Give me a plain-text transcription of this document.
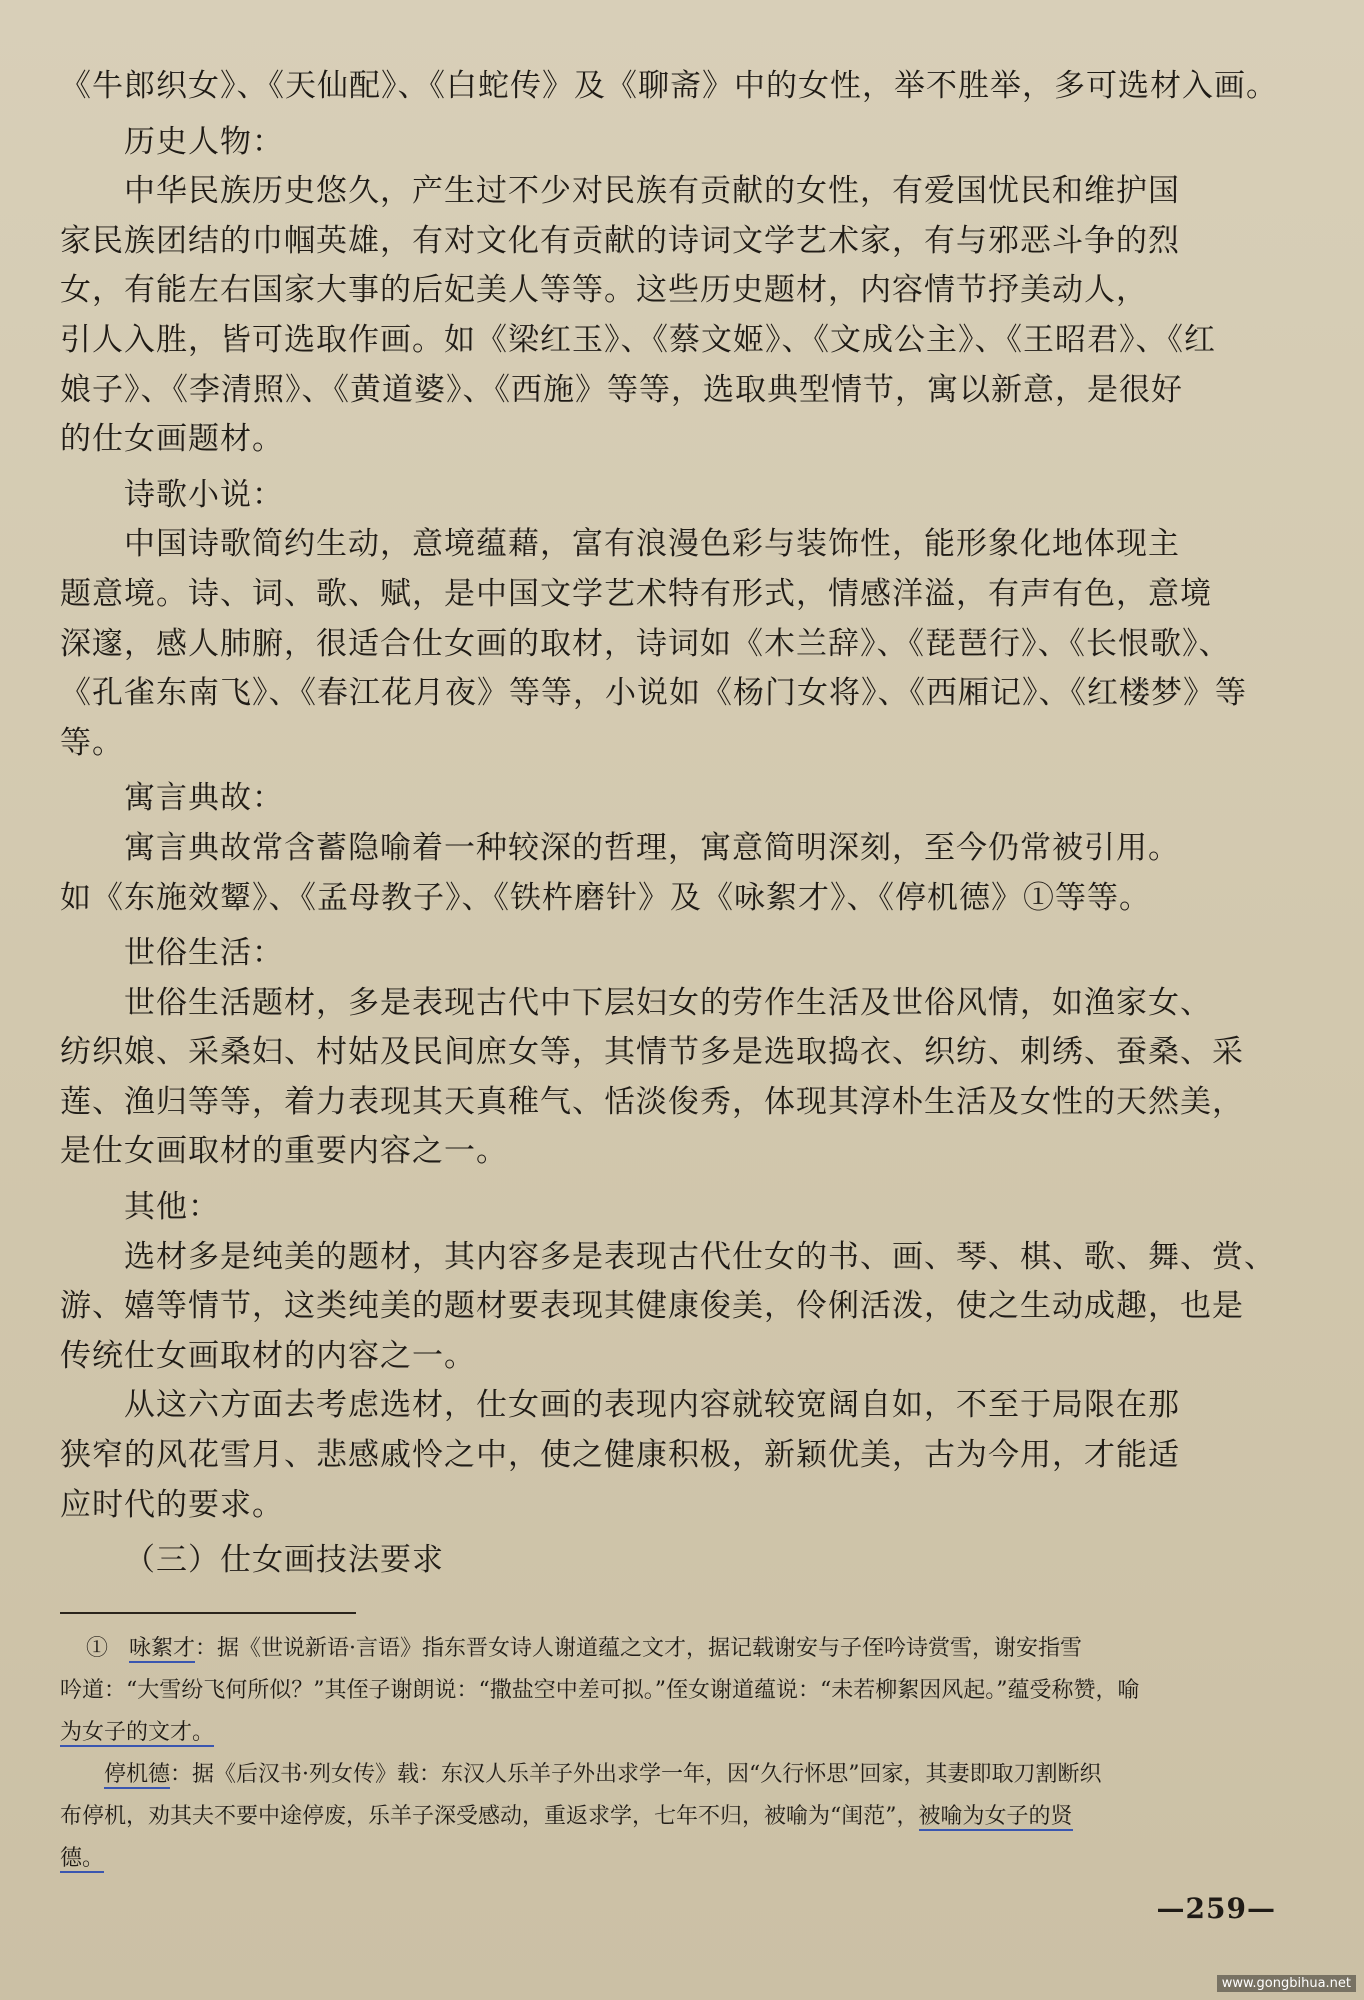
《牛郎织女》、《天仙配》、《白蛇传》及《聊斋》中的女性，举不胜举，多可选材入画。
历史人物：
中华民族历史悠久，产生过不少对民族有贡献的女性，有爱国忧民和维护国
家民族团结的巾帼英雄，有对文化有贡献的诗词文学艺术家，有与邪恶斗争的烈
女，有能左右国家大事的后妃美人等等。这些历史题材，内容情节抒美动人，
引人入胜，皆可选取作画。如《梁红玉》、《蔡文姬》、《文成公主》、《王昭君》、《红
娘子》、《李清照》、《黄道婆》、《西施》等等，选取典型情节，寓以新意，是很好
的仕女画题材。
诗歌小说：
中国诗歌简约生动，意境蕴藉，富有浪漫色彩与装饰性，能形象化地体现主
题意境。诗、词、歌、赋，是中国文学艺术特有形式，情感洋溢，有声有色，意境
深邃，感人肺腑，很适合仕女画的取材，诗词如《木兰辞》、《琵琶行》、《长恨歌》、
《孔雀东南飞》、《春江花月夜》等等，小说如《杨门女将》、《西厢记》、《红楼梦》等
等。
寓言典故：
寓言典故常含蓄隐喻着一种较深的哲理，寓意简明深刻，至今仍常被引用。
如《东施效颦》、《孟母教子》、《铁杵磨针》及《咏絮才》、《停机德》①等等。
世俗生活：
世俗生活题材，多是表现古代中下层妇女的劳作生活及世俗风情，如渔家女、
纺织娘、采桑妇、村姑及民间庶女等，其情节多是选取捣衣、织纺、刺绣、蚕桑、采
莲、渔归等等，着力表现其天真稚气、恬淡俊秀，体现其淳朴生活及女性的天然美，
是仕女画取材的重要内容之一。
其他：
选材多是纯美的题材，其内容多是表现古代仕女的书、画、琴、棋、歌、舞、赏、
游、嬉等情节，这类纯美的题材要表现其健康俊美，伶俐活泼，使之生动成趣，也是
传统仕女画取材的内容之一。
从这六方面去考虑选材，仕女画的表现内容就较宽阔自如，不至于局限在那
狭窄的风花雪月、悲感戚怜之中，使之健康积极，新颖优美，古为今用，才能适
应时代的要求。
（三）仕女画技法要求
① 咏絮才：据《世说新语·言语》指东晋女诗人谢道蕴之文才，据记载谢安与子侄吟诗赏雪，谢安指雪
吟道：“大雪纷飞何所似？”其侄子谢朗说：“撒盐空中差可拟。”侄女谢道蕴说：“未若柳絮因风起。”蕴受称赞，喻
为女子的文才。
停机德：据《后汉书·列女传》载：东汉人乐羊子外出求学一年，因“久行怀思”回家，其妻即取刀割断织
布停机，劝其夫不要中途停废，乐羊子深受感动，重返求学，七年不归，被喻为“闺范”，被喻为女子的贤
德。
—259—
www.gongbihua.net
